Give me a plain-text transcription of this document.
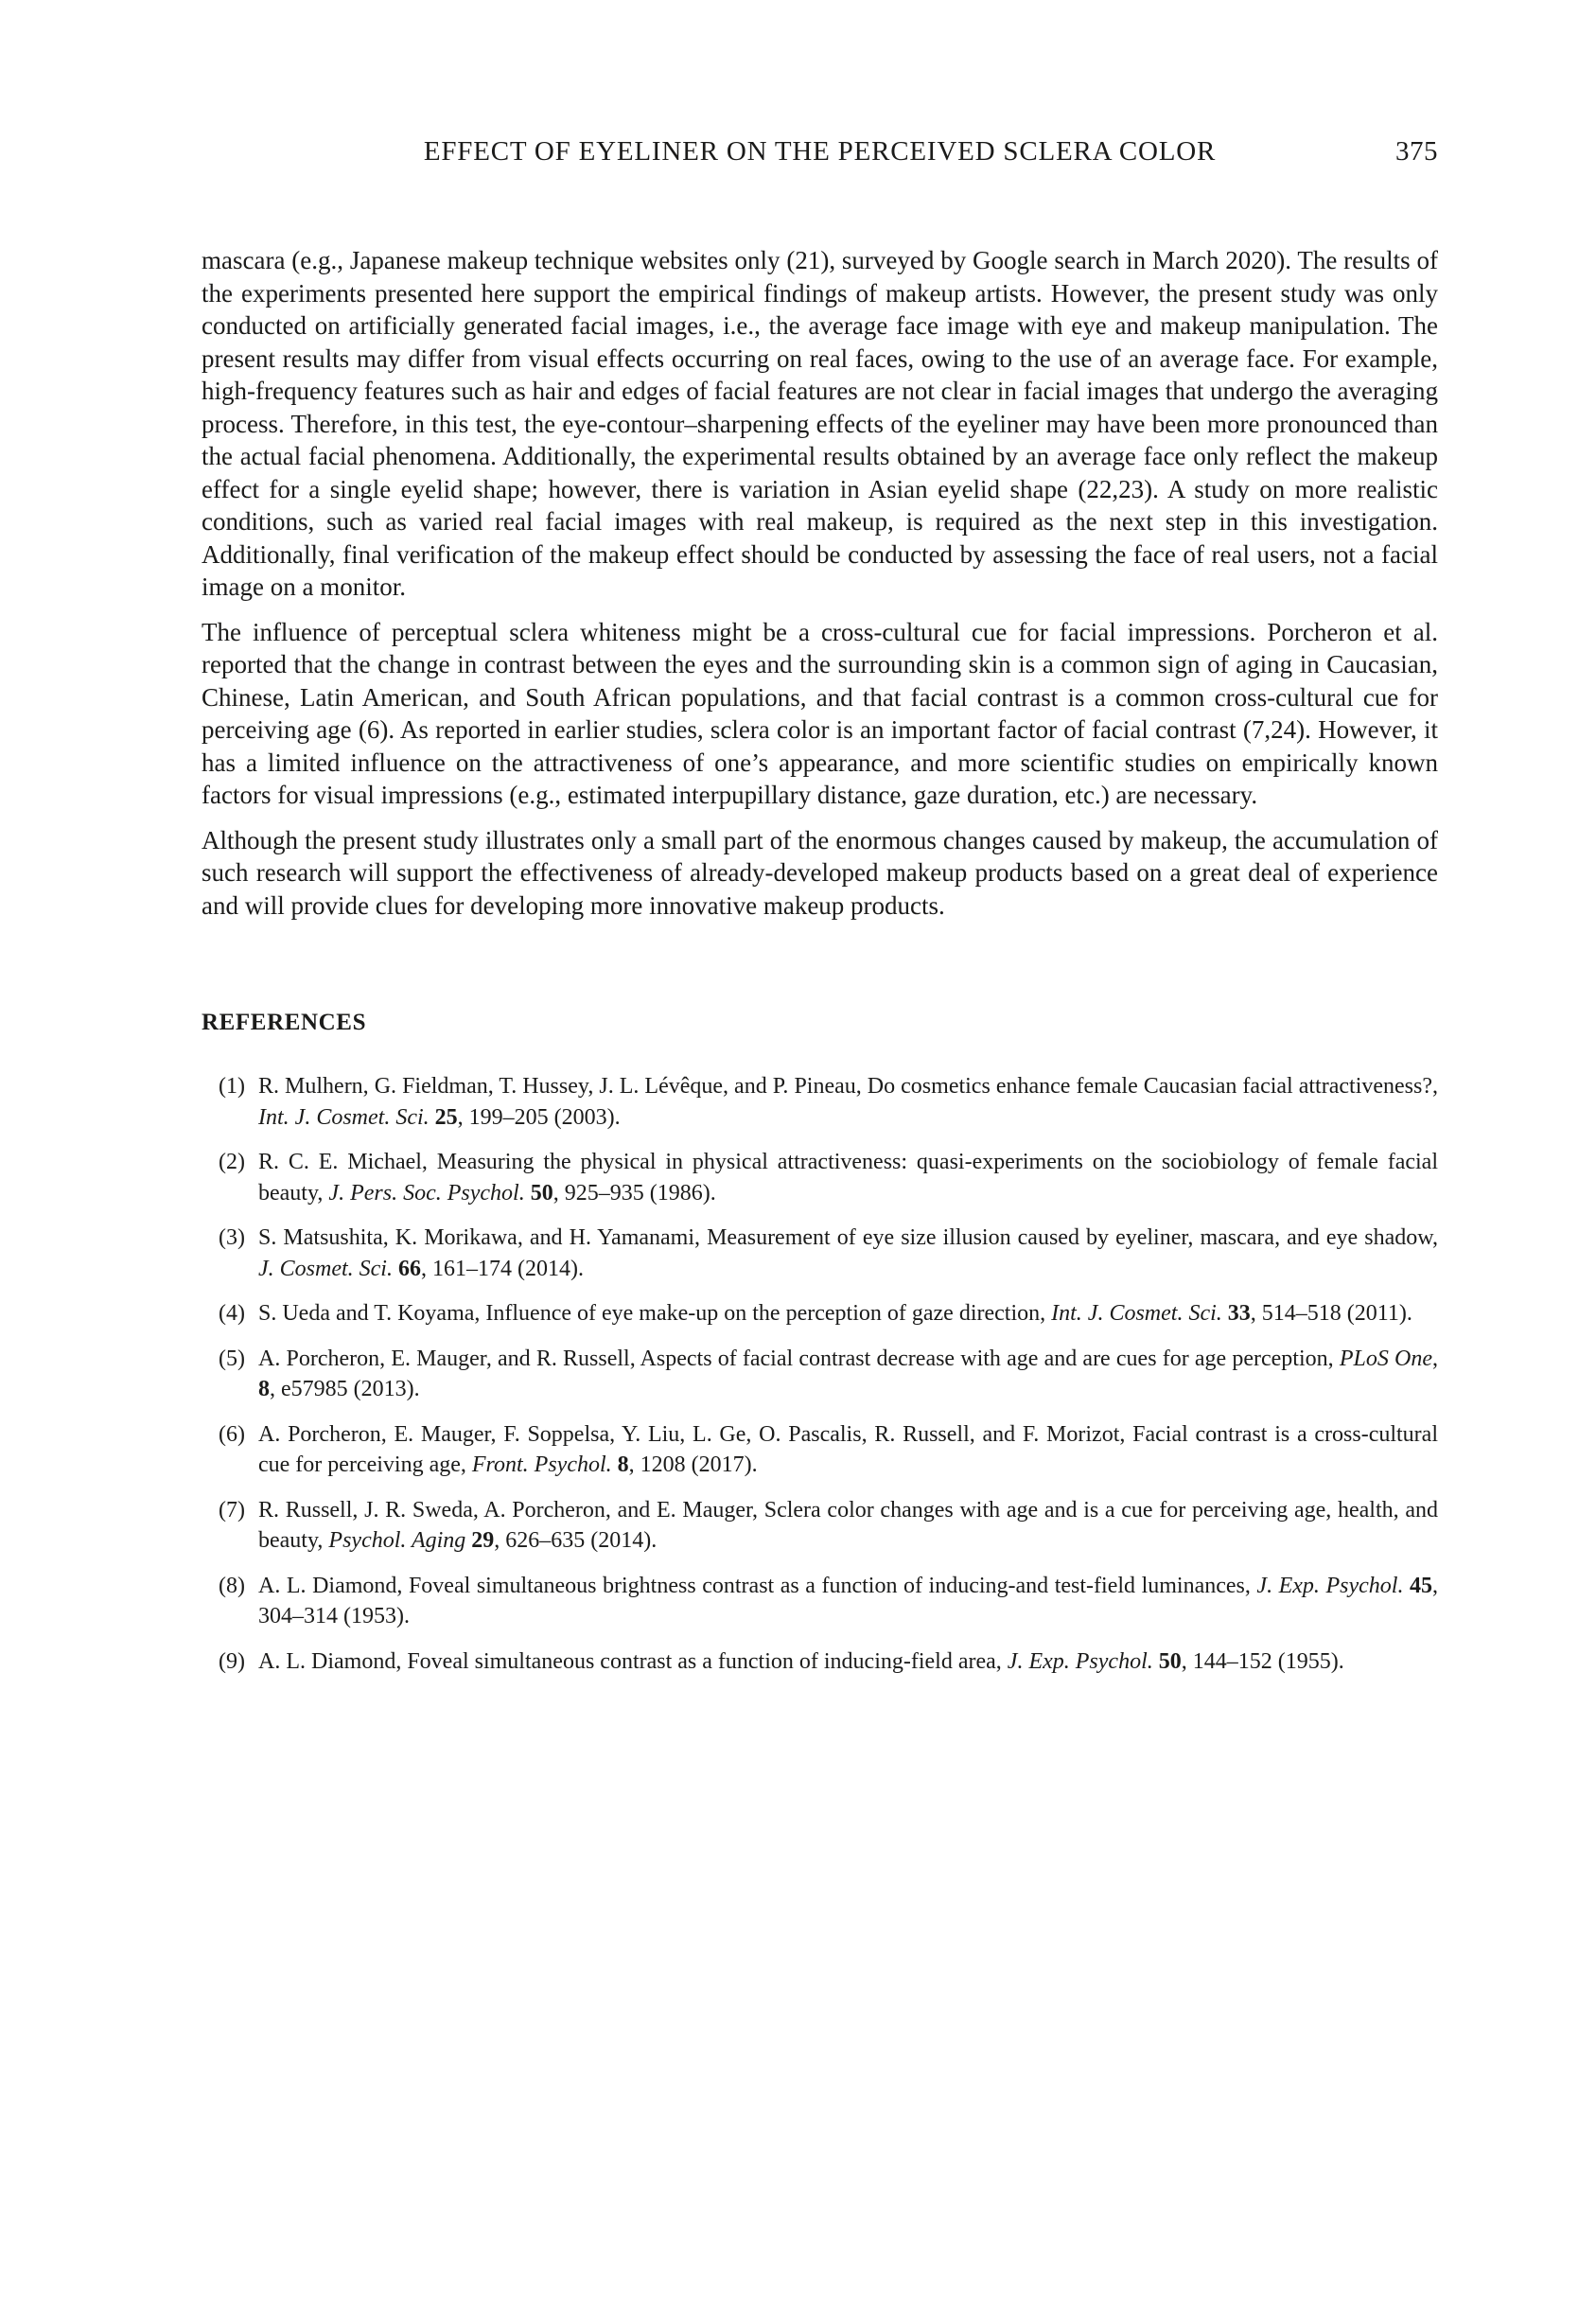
EFFECT OF EYELINER ON THE PERCEIVED SCLERA COLOR	375

mascara (e.g., Japanese makeup technique websites only (21), surveyed by Google search in March 2020). The results of the experiments presented here support the empirical findings of makeup artists. However, the present study was only conducted on artificially generated facial images, i.e., the average face image with eye and makeup manipulation. The present results may differ from visual effects occurring on real faces, owing to the use of an average face. For example, high-frequency features such as hair and edges of facial features are not clear in facial images that undergo the averaging process. Therefore, in this test, the eye-contour–sharpening effects of the eyeliner may have been more pronounced than the actual facial phenomena. Additionally, the experimental results obtained by an average face only reflect the makeup effect for a single eyelid shape; however, there is variation in Asian eyelid shape (22,23). A study on more realistic conditions, such as varied real facial images with real makeup, is required as the next step in this investigation. Additionally, final verification of the makeup effect should be conducted by assessing the face of real users, not a facial image on a monitor.

The influence of perceptual sclera whiteness might be a cross-cultural cue for facial impressions. Porcheron et al. reported that the change in contrast between the eyes and the surrounding skin is a common sign of aging in Caucasian, Chinese, Latin American, and South African populations, and that facial contrast is a common cross-cultural cue for perceiving age (6). As reported in earlier studies, sclera color is an important factor of facial contrast (7,24). However, it has a limited influence on the attractiveness of one’s appearance, and more scientific studies on empirically known factors for visual impressions (e.g., estimated interpupillary distance, gaze duration, etc.) are necessary.

Although the present study illustrates only a small part of the enormous changes caused by makeup, the accumulation of such research will support the effectiveness of already-developed makeup products based on a great deal of experience and will provide clues for developing more innovative makeup products.

REFERENCES
(1) R. Mulhern, G. Fieldman, T. Hussey, J. L. Lévêque, and P. Pineau, Do cosmetics enhance female Caucasian facial attractiveness?, Int. J. Cosmet. Sci. 25, 199–205 (2003).
(2) R. C. E. Michael, Measuring the physical in physical attractiveness: quasi-experiments on the sociobiology of female facial beauty, J. Pers. Soc. Psychol. 50, 925–935 (1986).
(3) S. Matsushita, K. Morikawa, and H. Yamanami, Measurement of eye size illusion caused by eyeliner, mascara, and eye shadow, J. Cosmet. Sci. 66, 161–174 (2014).
(4) S. Ueda and T. Koyama, Influence of eye make-up on the perception of gaze direction, Int. J. Cosmet. Sci. 33, 514–518 (2011).
(5) A. Porcheron, E. Mauger, and R. Russell, Aspects of facial contrast decrease with age and are cues for age perception, PLoS One, 8, e57985 (2013).
(6) A. Porcheron, E. Mauger, F. Soppelsa, Y. Liu, L. Ge, O. Pascalis, R. Russell, and F. Morizot, Facial contrast is a cross-cultural cue for perceiving age, Front. Psychol. 8, 1208 (2017).
(7) R. Russell, J. R. Sweda, A. Porcheron, and E. Mauger, Sclera color changes with age and is a cue for perceiving age, health, and beauty, Psychol. Aging 29, 626–635 (2014).
(8) A. L. Diamond, Foveal simultaneous brightness contrast as a function of inducing-and test-field luminances, J. Exp. Psychol. 45, 304–314 (1953).
(9) A. L. Diamond, Foveal simultaneous contrast as a function of inducing-field area, J. Exp. Psychol. 50, 144–152 (1955).
